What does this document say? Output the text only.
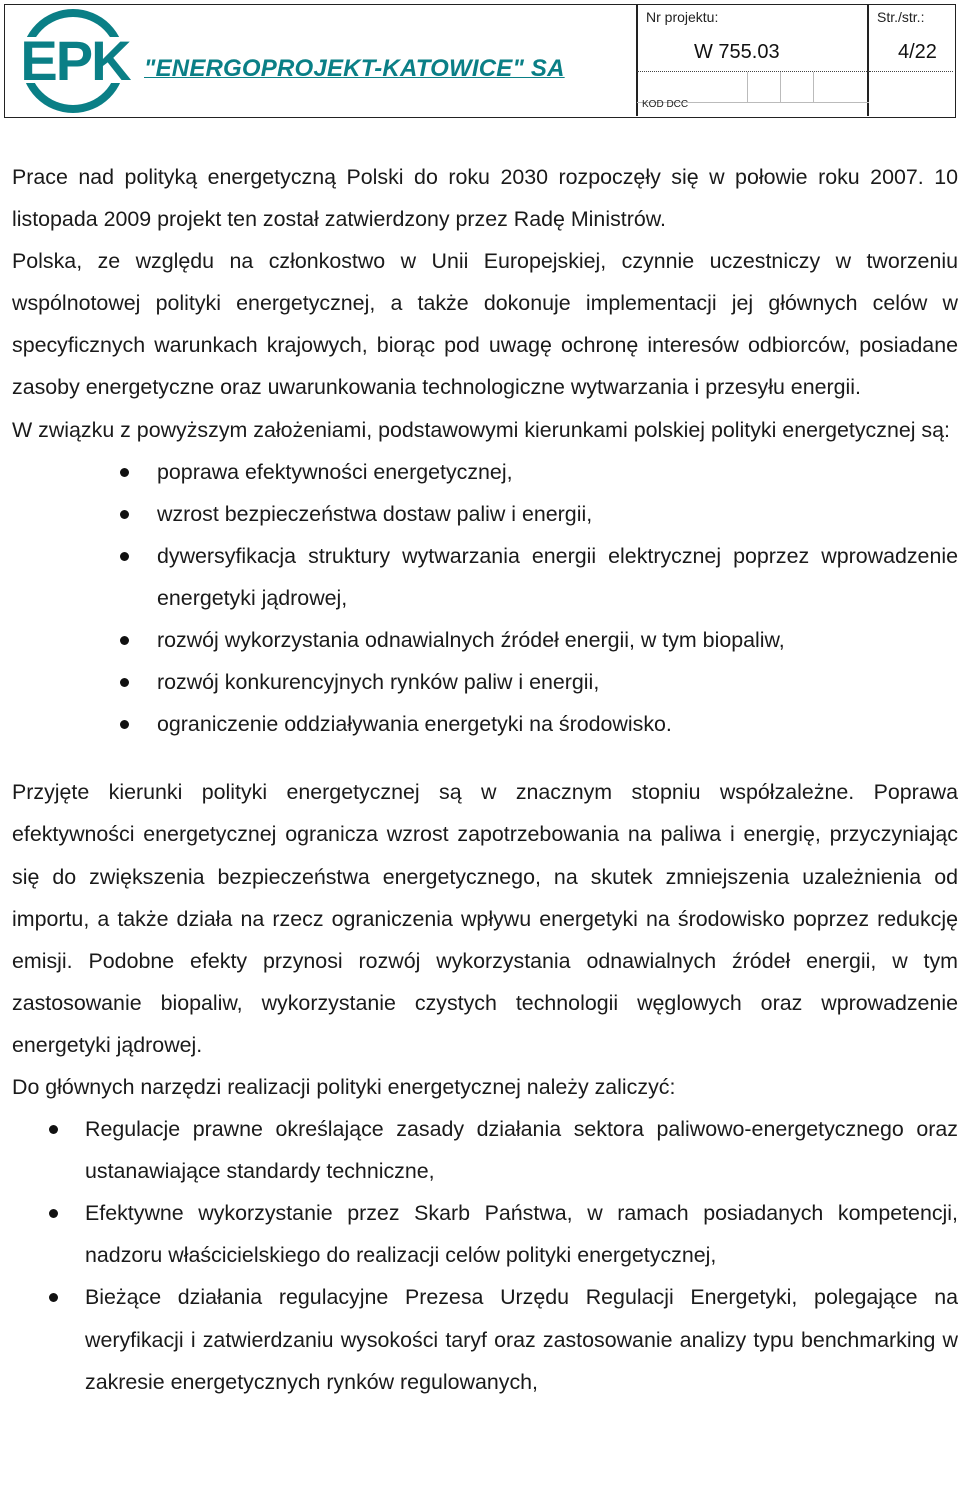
EPK "ENERGOPROJEKT-KATOWICE" SA
Nr projektu:	Str./str.:
W 755.03	4/22
KOD DCC

Prace nad polityką energetyczną Polski do roku 2030 rozpoczęły się w połowie roku 2007. 10 listopada 2009 projekt ten został zatwierdzony przez Radę Ministrów.

Polska, ze względu na członkostwo w Unii Europejskiej, czynnie uczestniczy w tworzeniu wspólnotowej polityki energetycznej, a także dokonuje implementacji jej głównych celów w specyficznych warunkach krajowych, biorąc pod uwagę ochronę interesów odbiorców, posiadane zasoby energetyczne oraz uwarunkowania technologiczne wytwarzania i przesyłu energii.

W związku z powyższym założeniami, podstawowymi kierunkami polskiej polityki energetycznej są:

poprawa efektywności energetycznej,
wzrost bezpieczeństwa dostaw paliw i energii,
dywersyfikacja struktury wytwarzania energii elektrycznej poprzez wprowadzenie energetyki jądrowej,
rozwój wykorzystania odnawialnych źródeł energii, w tym biopaliw,
rozwój konkurencyjnych rynków paliw i energii,
ograniczenie oddziaływania energetyki na środowisko.

Przyjęte kierunki polityki energetycznej są w znacznym stopniu współzależne. Poprawa efektywności energetycznej ogranicza wzrost zapotrzebowania na paliwa i energię, przyczyniając się do zwiększenia bezpieczeństwa energetycznego, na skutek zmniejszenia uzależnienia od importu, a także działa na rzecz ograniczenia wpływu energetyki na środowisko poprzez redukcję emisji. Podobne efekty przynosi rozwój wykorzystania odnawialnych źródeł energii, w tym zastosowanie biopaliw, wykorzystanie czystych technologii węglowych oraz wprowadzenie energetyki jądrowej.

Do głównych narzędzi realizacji polityki energetycznej należy zaliczyć:

Regulacje prawne określające zasady działania sektora paliwowo-energetycznego oraz ustanawiające standardy techniczne,
Efektywne wykorzystanie przez Skarb Państwa, w ramach posiadanych kompetencji, nadzoru właścicielskiego do realizacji celów polityki energetycznej,
Bieżące działania regulacyjne Prezesa Urzędu Regulacji Energetyki, polegające na weryfikacji i zatwierdzaniu wysokości taryf oraz zastosowanie analizy typu benchmarking w zakresie energetycznych rynków regulowanych,
